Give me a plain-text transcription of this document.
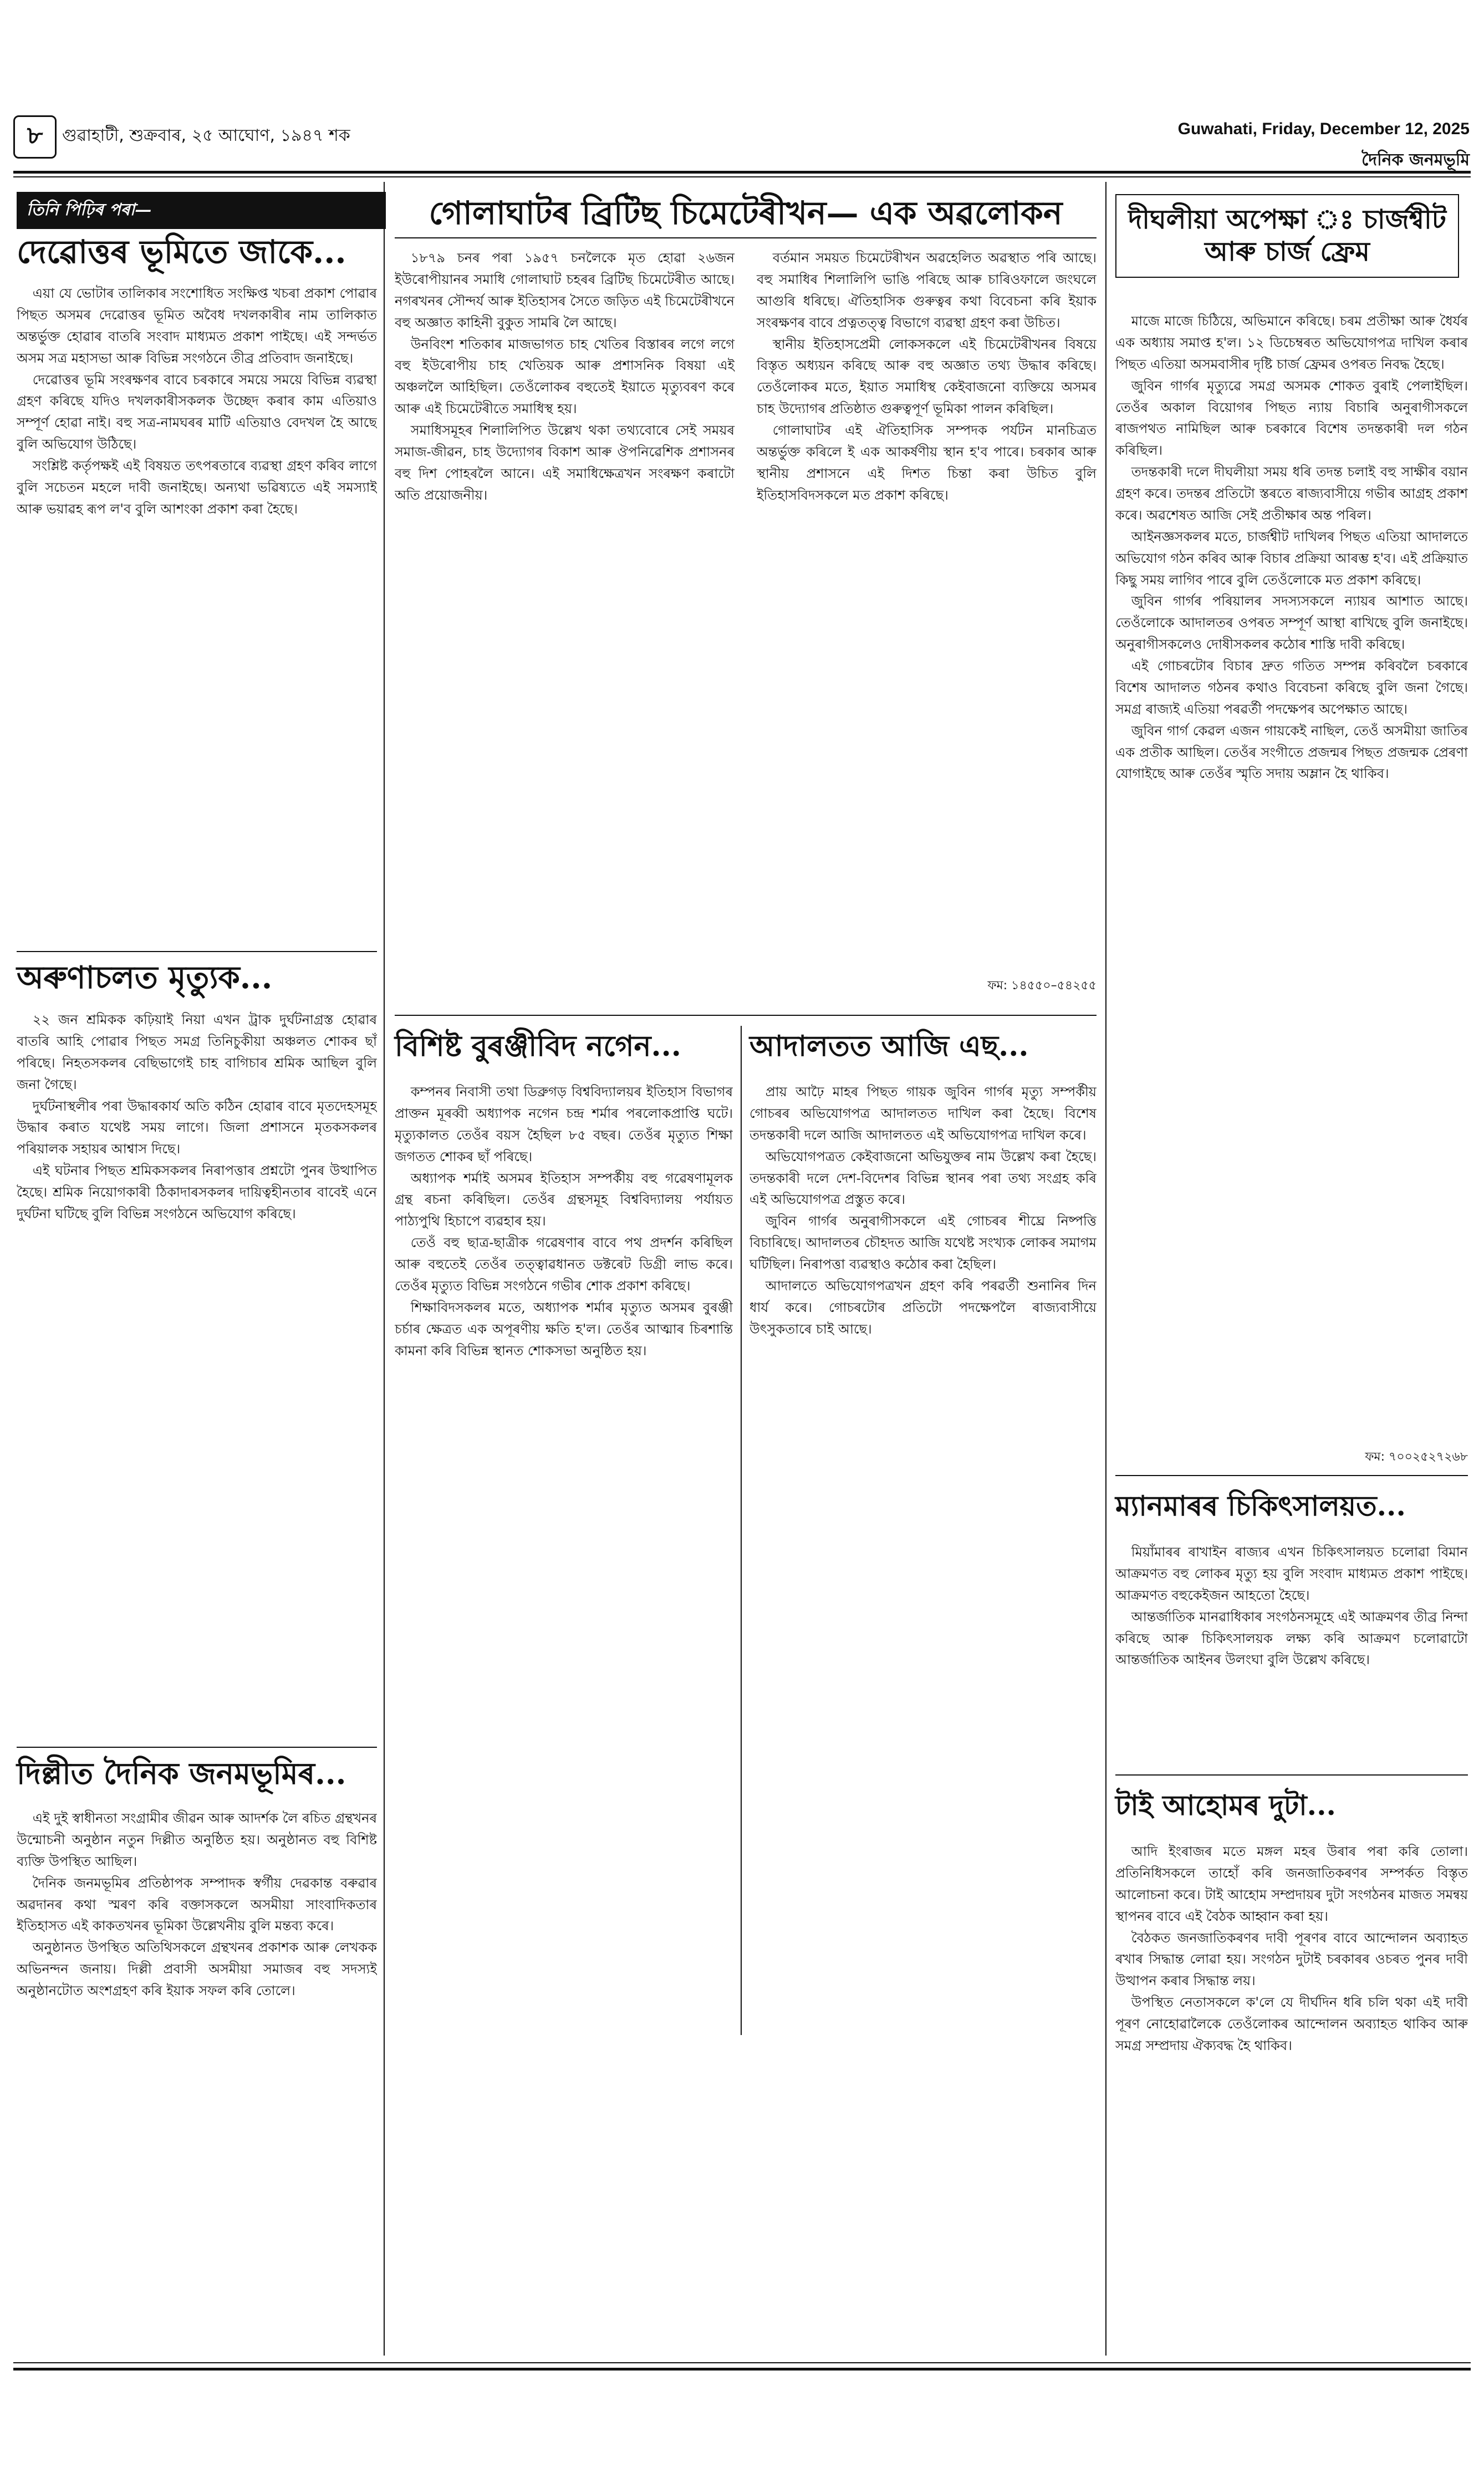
৮	গুৱাহাটী, শুক্ৰবাৰ, ২৫ আঘোণ, ১৯৪৭ শক	Guwahati, Friday, December 12, 2025
দৈনিক জনমভূমি
তিনি পিঢ়িৰ পৰা—
দেৱোত্তৰ ভূমিতে জাকে...

এয়া যে ভোটাৰ তালিকাৰ সংশোধিত সংক্ষিপ্ত খচৰা প্ৰকাশ পোৱাৰ পিছত অসমৰ দেৱোত্তৰ ভূমিত অবৈধ দখলকাৰীৰ নাম তালিকাত অন্তৰ্ভুক্ত হোৱাৰ বাতৰি সংবাদ মাধ্যমত প্ৰকাশ পাইছে। এই সন্দৰ্ভত অসম সত্ৰ মহাসভা আৰু বিভিন্ন সংগঠনে তীব্ৰ প্ৰতিবাদ জনাইছে।

দেৱোত্তৰ ভূমি সংৰক্ষণৰ বাবে চৰকাৰে সময়ে সময়ে বিভিন্ন ব্যৱস্থা গ্ৰহণ কৰিছে যদিও দখলকাৰীসকলক উচ্ছেদ কৰাৰ কাম এতিয়াও সম্পূৰ্ণ হোৱা নাই। বহু সত্ৰ-নামঘৰৰ মাটি এতিয়াও বেদখল হৈ আছে বুলি অভিযোগ উঠিছে।

সংশ্লিষ্ট কৰ্তৃপক্ষই এই বিষয়ত তৎপৰতাৰে ব্যৱস্থা গ্ৰহণ কৰিব লাগে বুলি সচেতন মহলে দাবী জনাইছে। অন্যথা ভৱিষ্যতে এই সমস্যাই আৰু ভয়াৱহ ৰূপ ল'ব বুলি আশংকা প্ৰকাশ কৰা হৈছে।

অৰুণাচলত মৃত্যুক...

২২ জন শ্ৰমিকক কঢ়িয়াই নিয়া এখন ট্ৰাক দুৰ্ঘটনাগ্ৰস্ত হোৱাৰ বাতৰি আহি পোৱাৰ পিছত সমগ্ৰ তিনিচুকীয়া অঞ্চলত শোকৰ ছাঁ পৰিছে। নিহতসকলৰ বেছিভাগেই চাহ বাগিচাৰ শ্ৰমিক আছিল বুলি জনা গৈছে।

দুৰ্ঘটনাস্থলীৰ পৰা উদ্ধাৰকাৰ্য অতি কঠিন হোৱাৰ বাবে মৃতদেহসমূহ উদ্ধাৰ কৰাত যথেষ্ট সময় লাগে। জিলা প্ৰশাসনে মৃতকসকলৰ পৰিয়ালক সহায়ৰ আশ্বাস দিছে।

এই ঘটনাৰ পিছত শ্ৰমিকসকলৰ নিৰাপত্তাৰ প্ৰশ্নটো পুনৰ উত্থাপিত হৈছে। শ্ৰমিক নিয়োগকাৰী ঠিকাদাৰসকলৰ দায়িত্বহীনতাৰ বাবেই এনে দুৰ্ঘটনা ঘটিছে বুলি বিভিন্ন সংগঠনে অভিযোগ কৰিছে।

দিল্লীত দৈনিক জনমভূমিৰ...

এই দুই স্বাধীনতা সংগ্ৰামীৰ জীৱন আৰু আদৰ্শক লৈ ৰচিত গ্ৰন্থখনৰ উন্মোচনী অনুষ্ঠান নতুন দিল্লীত অনুষ্ঠিত হয়। অনুষ্ঠানত বহু বিশিষ্ট ব্যক্তি উপস্থিত আছিল।

দৈনিক জনমভূমিৰ প্ৰতিষ্ঠাপক সম্পাদক স্বৰ্গীয় দেৱকান্ত বৰুৱাৰ অৱদানৰ কথা স্মৰণ কৰি বক্তাসকলে অসমীয়া সাংবাদিকতাৰ ইতিহাসত এই কাকতখনৰ ভূমিকা উল্লেখনীয় বুলি মন্তব্য কৰে।

অনুষ্ঠানত উপস্থিত অতিথিসকলে গ্ৰন্থখনৰ প্ৰকাশক আৰু লেখকক অভিনন্দন জনায়। দিল্লী প্ৰবাসী অসমীয়া সমাজৰ বহু সদস্যই অনুষ্ঠানটোত অংশগ্ৰহণ কৰি ইয়াক সফল কৰি তোলে।

গোলাঘাটৰ ব্ৰিটিছ চিমেটেৰীখন— এক অৱলোকন

১৮৭৯ চনৰ পৰা ১৯৫৭ চনলৈকে মৃত হোৱা ২৬জন ইউৰোপীয়ানৰ সমাধি গোলাঘাট চহৰৰ ব্ৰিটিছ চিমেটেৰীত আছে। নগৰখনৰ সৌন্দৰ্য আৰু ইতিহাসৰ সৈতে জড়িত এই চিমেটেৰীখনে বহু অজ্ঞাত কাহিনী বুকুত সামৰি লৈ আছে।

উনবিংশ শতিকাৰ মাজভাগত চাহ খেতিৰ বিস্তাৰৰ লগে লগে বহু ইউৰোপীয় চাহ খেতিয়ক আৰু প্ৰশাসনিক বিষয়া এই অঞ্চললৈ আহিছিল। তেওঁলোকৰ বহুতেই ইয়াতে মৃত্যুবৰণ কৰে আৰু এই চিমেটেৰীতে সমাধিস্থ হয়।

সমাধিসমূহৰ শিলালিপিত উল্লেখ থকা তথ্যবোৰে সেই সময়ৰ সমাজ-জীৱন, চাহ উদ্যোগৰ বিকাশ আৰু ঔপনিৱেশিক প্ৰশাসনৰ বহু দিশ পোহৰলৈ আনে। এই সমাধিক্ষেত্ৰখন সংৰক্ষণ কৰাটো অতি প্ৰয়োজনীয়।

বৰ্তমান সময়ত চিমেটেৰীখন অৱহেলিত অৱস্থাত পৰি আছে। বহু সমাধিৰ শিলালিপি ভাঙি পৰিছে আৰু চাৰিওফালে জংঘলে আগুৰি ধৰিছে। ঐতিহাসিক গুৰুত্বৰ কথা বিবেচনা কৰি ইয়াক সংৰক্ষণৰ বাবে প্ৰত্নতত্ত্ব বিভাগে ব্যৱস্থা গ্ৰহণ কৰা উচিত।

স্থানীয় ইতিহাসপ্ৰেমী লোকসকলে এই চিমেটেৰীখনৰ বিষয়ে বিস্তৃত অধ্যয়ন কৰিছে আৰু বহু অজ্ঞাত তথ্য উদ্ধাৰ কৰিছে। তেওঁলোকৰ মতে, ইয়াত সমাধিস্থ কেইবাজনো ব্যক্তিয়ে অসমৰ চাহ উদ্যোগৰ প্ৰতিষ্ঠাত গুৰুত্বপূৰ্ণ ভূমিকা পালন কৰিছিল।

গোলাঘাটৰ এই ঐতিহাসিক সম্পদক পৰ্যটন মানচিত্ৰত অন্তৰ্ভুক্ত কৰিলে ই এক আকৰ্ষণীয় স্থান হ'ব পাৰে। চৰকাৰ আৰু স্থানীয় প্ৰশাসনে এই দিশত চিন্তা কৰা উচিত বুলি ইতিহাসবিদসকলে মত প্ৰকাশ কৰিছে।

ফম: ১৪৫৫০–৫৪২৫৫
বিশিষ্ট বুৰঞ্জীবিদ নগেন...

কম্পনৰ নিবাসী তথা ডিব্ৰুগড় বিশ্ববিদ্যালয়ৰ ইতিহাস বিভাগৰ প্ৰাক্তন মূৰব্বী অধ্যাপক নগেন চন্দ্ৰ শৰ্মাৰ পৰলোকপ্ৰাপ্তি ঘটে। মৃত্যুকালত তেওঁৰ বয়স হৈছিল ৮৫ বছৰ। তেওঁৰ মৃত্যুত শিক্ষা জগতত শোকৰ ছাঁ পৰিছে।

অধ্যাপক শৰ্মাই অসমৰ ইতিহাস সম্পৰ্কীয় বহু গৱেষণামূলক গ্ৰন্থ ৰচনা কৰিছিল। তেওঁৰ গ্ৰন্থসমূহ বিশ্ববিদ্যালয় পৰ্যায়ত পাঠ্যপুথি হিচাপে ব্যৱহাৰ হয়।

তেওঁ বহু ছাত্ৰ-ছাত্ৰীক গৱেষণাৰ বাবে পথ প্ৰদৰ্শন কৰিছিল আৰু বহুতেই তেওঁৰ তত্ত্বাৱধানত ডক্টৰেট ডিগ্ৰী লাভ কৰে। তেওঁৰ মৃত্যুত বিভিন্ন সংগঠনে গভীৰ শোক প্ৰকাশ কৰিছে।

শিক্ষাবিদসকলৰ মতে, অধ্যাপক শৰ্মাৰ মৃত্যুত অসমৰ বুৰঞ্জী চৰ্চাৰ ক্ষেত্ৰত এক অপূৰণীয় ক্ষতি হ'ল। তেওঁৰ আত্মাৰ চিৰশান্তি কামনা কৰি বিভিন্ন স্থানত শোকসভা অনুষ্ঠিত হয়।

আদালতত আজি এছ...

প্ৰায় আঢ়ৈ মাহৰ পিছত গায়ক জুবিন গাৰ্গৰ মৃত্যু সম্পৰ্কীয় গোচৰৰ অভিযোগপত্ৰ আদালতত দাখিল কৰা হৈছে। বিশেষ তদন্তকাৰী দলে আজি আদালতত এই অভিযোগপত্ৰ দাখিল কৰে।

অভিযোগপত্ৰত কেইবাজনো অভিযুক্তৰ নাম উল্লেখ কৰা হৈছে। তদন্তকাৰী দলে দেশ-বিদেশৰ বিভিন্ন স্থানৰ পৰা তথ্য সংগ্ৰহ কৰি এই অভিযোগপত্ৰ প্ৰস্তুত কৰে।

জুবিন গাৰ্গৰ অনুৰাগীসকলে এই গোচৰৰ শীঘ্ৰে নিষ্পত্তি বিচাৰিছে। আদালতৰ চৌহদত আজি যথেষ্ট সংখ্যক লোকৰ সমাগম ঘটিছিল। নিৰাপত্তা ব্যৱস্থাও কঠোৰ কৰা হৈছিল।

আদালতে অভিযোগপত্ৰখন গ্ৰহণ কৰি পৰৱৰ্তী শুনানিৰ দিন ধাৰ্য কৰে। গোচৰটোৰ প্ৰতিটো পদক্ষেপলৈ ৰাজ্যবাসীয়ে উৎসুকতাৰে চাই আছে।

দীঘলীয়া অপেক্ষা ঃ চাৰ্জশ্বীট আৰু চাৰ্জ ফ্ৰেম

মাজে মাজে চিঠিয়ে, অভিমানে কৰিছে। চৰম প্ৰতীক্ষা আৰু ধৈৰ্যৰ এক অধ্যায় সমাপ্ত হ'ল। ১২ ডিচেম্বৰত অভিযোগপত্ৰ দাখিল কৰাৰ পিছত এতিয়া অসমবাসীৰ দৃষ্টি চাৰ্জ ফ্ৰেমৰ ওপৰত নিবদ্ধ হৈছে।

জুবিন গাৰ্গৰ মৃত্যুৱে সমগ্ৰ অসমক শোকত বুৰাই পেলাইছিল। তেওঁৰ অকাল বিয়োগৰ পিছত ন্যায় বিচাৰি অনুৰাগীসকলে ৰাজপথত নামিছিল আৰু চৰকাৰে বিশেষ তদন্তকাৰী দল গঠন কৰিছিল।

তদন্তকাৰী দলে দীঘলীয়া সময় ধৰি তদন্ত চলাই বহু সাক্ষীৰ বয়ান গ্ৰহণ কৰে। তদন্তৰ প্ৰতিটো স্তৰতে ৰাজ্যবাসীয়ে গভীৰ আগ্ৰহ প্ৰকাশ কৰে। অৱশেষত আজি সেই প্ৰতীক্ষাৰ অন্ত পৰিল।

আইনজ্ঞসকলৰ মতে, চাৰ্জশ্বীট দাখিলৰ পিছত এতিয়া আদালতে অভিযোগ গঠন কৰিব আৰু বিচাৰ প্ৰক্ৰিয়া আৰম্ভ হ'ব। এই প্ৰক্ৰিয়াত কিছু সময় লাগিব পাৰে বুলি তেওঁলোকে মত প্ৰকাশ কৰিছে।

জুবিন গাৰ্গৰ পৰিয়ালৰ সদস্যসকলে ন্যায়ৰ আশাত আছে। তেওঁলোকে আদালতৰ ওপৰত সম্পূৰ্ণ আস্থা ৰাখিছে বুলি জনাইছে। অনুৰাগীসকলেও দোষীসকলৰ কঠোৰ শাস্তি দাবী কৰিছে।

এই গোচৰটোৰ বিচাৰ দ্ৰুত গতিত সম্পন্ন কৰিবলৈ চৰকাৰে বিশেষ আদালত গঠনৰ কথাও বিবেচনা কৰিছে বুলি জনা গৈছে। সমগ্ৰ ৰাজ্যই এতিয়া পৰৱৰ্তী পদক্ষেপৰ অপেক্ষাত আছে।

জুবিন গাৰ্গ কেৱল এজন গায়কেই নাছিল, তেওঁ অসমীয়া জাতিৰ এক প্ৰতীক আছিল। তেওঁৰ সংগীতে প্ৰজন্মৰ পিছত প্ৰজন্মক প্ৰেৰণা যোগাইছে আৰু তেওঁৰ স্মৃতি সদায় অম্লান হৈ থাকিব।

ফম: ৭০০২৫২৭২৬৮
ম্যানমাৰৰ চিকিৎসালয়ত...

মিয়াঁমাৰৰ ৰাখাইন ৰাজ্যৰ এখন চিকিৎসালয়ত চলোৱা বিমান আক্ৰমণত বহু লোকৰ মৃত্যু হয় বুলি সংবাদ মাধ্যমত প্ৰকাশ পাইছে। আক্ৰমণত বহুকেইজন আহতো হৈছে।

আন্তৰ্জাতিক মানৱাধিকাৰ সংগঠনসমূহে এই আক্ৰমণৰ তীব্ৰ নিন্দা কৰিছে আৰু চিকিৎসালয়ক লক্ষ্য কৰি আক্ৰমণ চলোৱাটো আন্তৰ্জাতিক আইনৰ উলংঘা বুলি উল্লেখ কৰিছে।

টাই আহোমৰ দুটা...

আদি ইংৰাজৰ মতে মঙ্গল মহৰ উৰাৰ পৰা কৰি তোলা। প্ৰতিনিধিসকলে তাহোঁ কৰি জনজাতিকৰণৰ সম্পৰ্কত বিস্তৃত আলোচনা কৰে। টাই আহোম সম্প্ৰদায়ৰ দুটা সংগঠনৰ মাজত সমন্বয় স্থাপনৰ বাবে এই বৈঠক আহ্বান কৰা হয়।

বৈঠকত জনজাতিকৰণৰ দাবী পূৰণৰ বাবে আন্দোলন অব্যাহত ৰখাৰ সিদ্ধান্ত লোৱা হয়। সংগঠন দুটাই চৰকাৰৰ ওচৰত পুনৰ দাবী উত্থাপন কৰাৰ সিদ্ধান্ত লয়।

উপস্থিত নেতাসকলে ক'লে যে দীৰ্ঘদিন ধৰি চলি থকা এই দাবী পূৰণ নোহোৱালৈকে তেওঁলোকৰ আন্দোলন অব্যাহত থাকিব আৰু সমগ্ৰ সম্প্ৰদায় ঐক্যবদ্ধ হৈ থাকিব।
